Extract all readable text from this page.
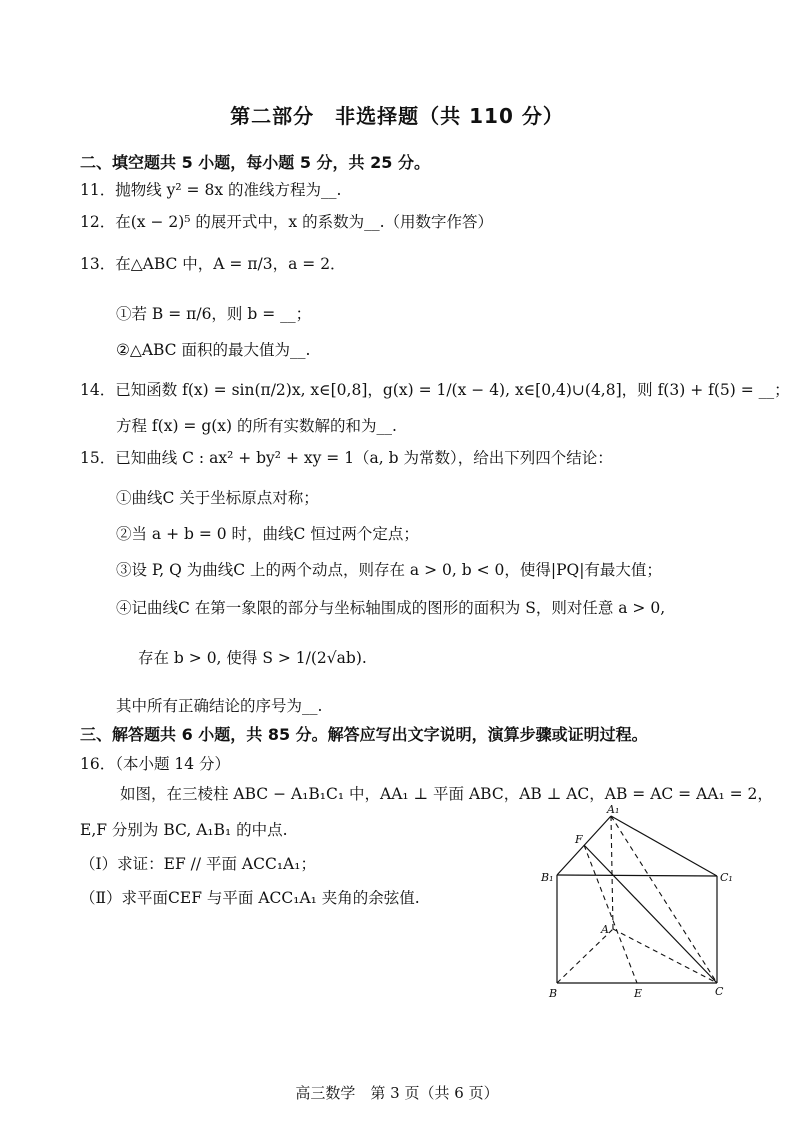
第二部分　非选择题（共 110 分）
二、填空题共 5 小题，每小题 5 分，共 25 分。
11．抛物线 y² = 8x 的准线方程为__.
12．在(x − 2)⁵ 的展开式中，x 的系数为__.（用数字作答）
13．在△ABC 中，A = π/3，a = 2．
①若 B = π/6，则 b = __；
②△ABC 面积的最大值为__.
14．已知函数 f(x) = sin(π/2)x, x∈[0,8]，g(x) = 1/(x − 4), x∈[0,4)∪(4,8]，则 f(3) + f(5) = __；
方程 f(x) = g(x) 的所有实数解的和为__.
15．已知曲线 C : ax² + by² + xy = 1（a, b 为常数），给出下列四个结论：
①曲线C 关于坐标原点对称；
②当 a + b = 0 时，曲线C 恒过两个定点；
③设 P, Q 为曲线C 上的两个动点，则存在 a > 0, b < 0，使得|PQ|有最大值；
④记曲线C 在第一象限的部分与坐标轴围成的图形的面积为 S，则对任意 a > 0,
存在 b > 0, 使得 S > 1/(2√ab).
其中所有正确结论的序号为__.
三、解答题共 6 小题，共 85 分。解答应写出文字说明，演算步骤或证明过程。
16．（本小题 14 分）
如图，在三棱柱 ABC − A₁B₁C₁ 中，AA₁ ⊥ 平面 ABC，AB ⊥ AC，AB = AC = AA₁ = 2，
E,F 分别为 BC, A₁B₁ 的中点.
（Ⅰ）求证：EF // 平面 ACC₁A₁；
（Ⅱ）求平面CEF 与平面 ACC₁A₁ 夹角的余弦值.
A₁
F
B₁	C₁
A
B	E	C
高三数学　第 3 页（共 6 页）
